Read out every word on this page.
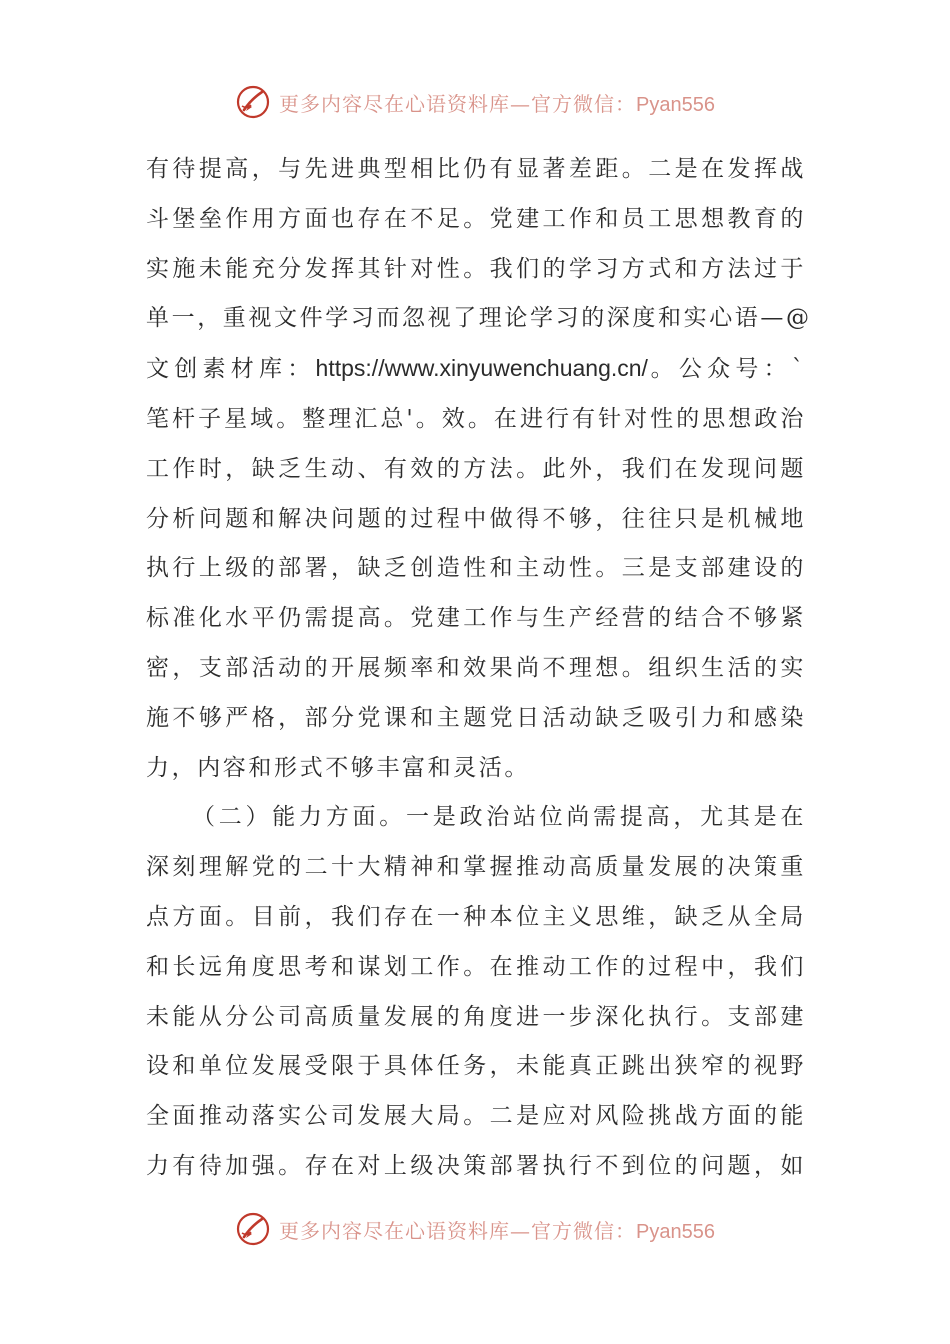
更多内容尽在心语资料库—官方微信：Pyan556

有待提高，与先进典型相比仍有显著差距。二是在发挥战
斗堡垒作用方面也存在不足。党建工作和员工思想教育的
实施未能充分发挥其针对性。我们的学习方式和方法过于
单一，重视文件学习而忽视了理论学习的深度和实心语—@
文创素材库：https://www.xinyuwenchuang.cn/。公众号：`
笔杆子星域。整理汇总'。效。在进行有针对性的思想政治
工作时，缺乏生动、有效的方法。此外，我们在发现问题
分析问题和解决问题的过程中做得不够，往往只是机械地
执行上级的部署，缺乏创造性和主动性。三是支部建设的
标准化水平仍需提高。党建工作与生产经营的结合不够紧
密，支部活动的开展频率和效果尚不理想。组织生活的实
施不够严格，部分党课和主题党日活动缺乏吸引力和感染
力，内容和形式不够丰富和灵活。

（二）能力方面。一是政治站位尚需提高，尤其是在
深刻理解党的二十大精神和掌握推动高质量发展的决策重
点方面。目前，我们存在一种本位主义思维，缺乏从全局
和长远角度思考和谋划工作。在推动工作的过程中，我们
未能从分公司高质量发展的角度进一步深化执行。支部建
设和单位发展受限于具体任务，未能真正跳出狭窄的视野
全面推动落实公司发展大局。二是应对风险挑战方面的能
力有待加强。存在对上级决策部署执行不到位的问题，如

更多内容尽在心语资料库—官方微信：Pyan556
